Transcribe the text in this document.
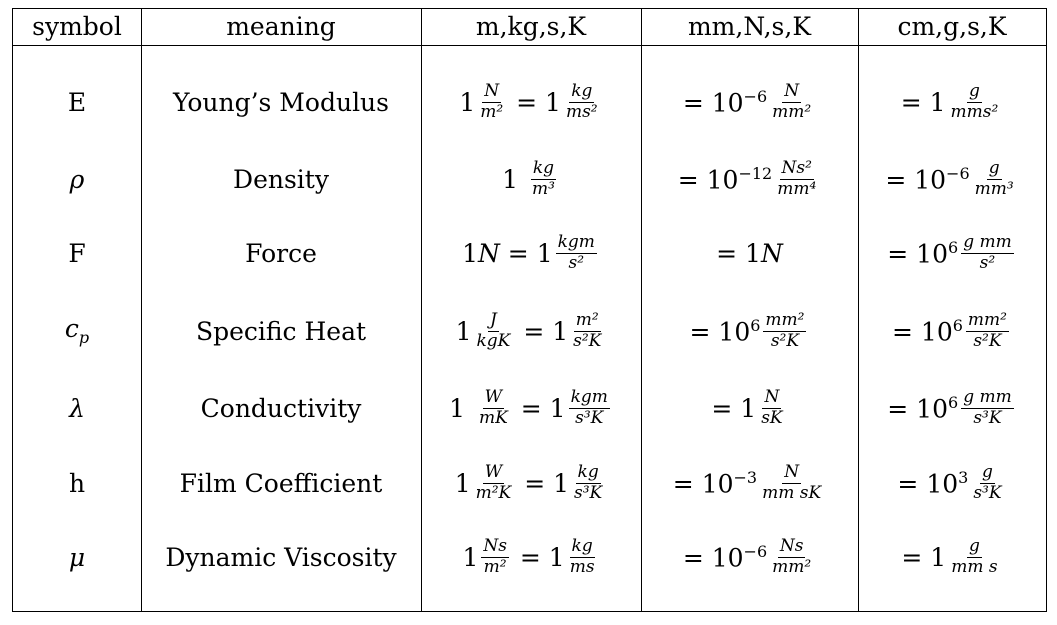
symbol	meaning	m,kg,s,K	mm,N,s,K	cm,g,s,K
E	Young’s Modulus	$1 \frac{N}{\text{m²}} = 1 \frac{kg}{\text{ms²}}$	= $10^{-6} \frac{N}{\text{mm²}}$	= $1 \frac{g}{\text{mms²}}$
ρ	Density	$1 \frac{kg}{\text{m³}}$	= $10^{-12} \frac{\text{Ns²}}{\text{mm⁴}}$	= $10^{-6} \frac{g}{\text{mm³}}$
F	Force	1 $N = 1 \frac{\text{kgm}}{\text{s²}}$	= 1 N	= $10^6 \frac{\text{g mm}}{\text{s²}}$
$c_p$	Specific Heat	$1 \frac{J}{\text{kgK}} = 1 \frac{\text{m²}}{\text{s²K}}$	= $10^6 \frac{\text{mm²}}{\text{s²K}}$	= $10^6 \frac{\text{mm²}}{\text{s²K}}$
λ	Conductivity	$1 \frac{W}{mK} = 1 \frac{\text{kgm}}{\text{s³K}}$	= $1 \frac{N}{sK}$	= $10^6 \frac{\text{g mm}}{\text{s³K}}$
h	Film Coefficient	$1 \frac{W}{\text{m²K}} = 1 \frac{kg}{\text{s³K}}$	= $10^{-3} \frac{N}{\text{mm sK}}$	= $10^3 \frac{g}{\text{s³K}}$
μ	Dynamic Viscosity	$1 \frac{Ns}{\text{m²}} = 1 \frac{kg}{ms}$	= $10^{-6} \frac{Ns}{\text{mm²}}$	= $1 \frac{g}{\text{mm s}}$
